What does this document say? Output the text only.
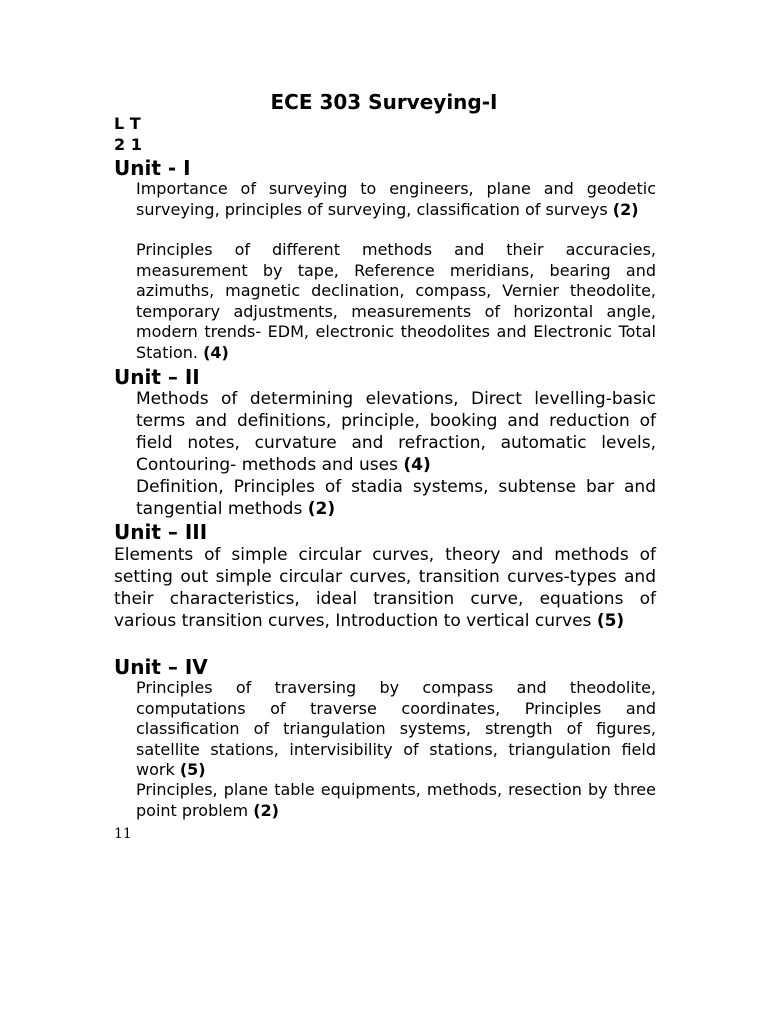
ECE 303 Surveying-I
L T
2 1
Unit - I
Importance of surveying to engineers, plane and geodetic surveying, principles of surveying, classification of surveys (2)
Principles of different methods and their accuracies, measurement by tape, Reference meridians, bearing and azimuths, magnetic declination, compass, Vernier theodolite, temporary adjustments, measurements of horizontal angle, modern trends- EDM, electronic theodolites and Electronic Total Station. (4)
Unit – II
Methods of determining elevations, Direct levelling-basic terms and definitions, principle, booking and reduction of field notes, curvature and refraction, automatic levels, Contouring- methods and uses (4)
Definition, Principles of stadia systems, subtense bar and tangential methods (2)
Unit – III
Elements of simple circular curves, theory and methods of setting out simple circular curves, transition curves-types and their characteristics, ideal transition curve, equations of various transition curves, Introduction to vertical curves (5)
Unit – IV
Principles of traversing by compass and theodolite, computations of traverse coordinates, Principles and classification of triangulation systems, strength of figures, satellite stations, intervisibility of stations, triangulation field work (5)
Principles, plane table equipments, methods, resection by three point problem (2)
11
